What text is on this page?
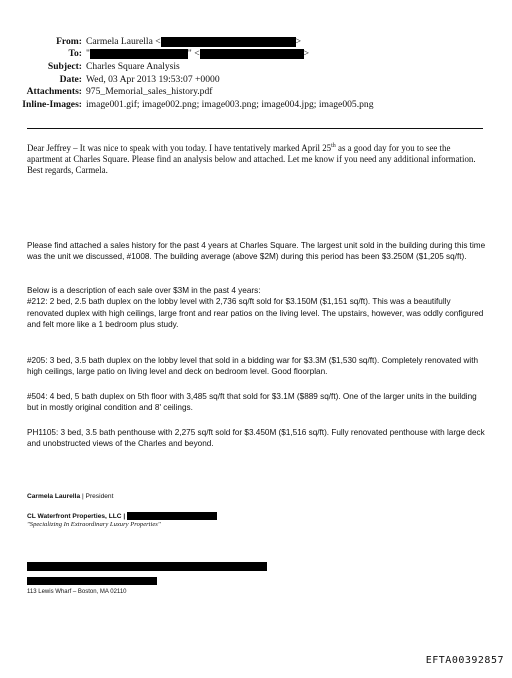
From: Carmela Laurella <	>
To: "	" <	>
Subject: Charles Square Analysis
Date: Wed, 03 Apr 2013 19:53:07 +0000
Attachments: 975_Memorial_sales_history.pdf
Inline-Images: image001.gif; image002.png; image003.png; image004.jpg; image005.png
Dear Jeffrey – It was nice to speak with you today. I have tentatively marked April 25th as a good day for you to see the apartment at Charles Square. Please find an analysis below and attached. Let me know if you need any additional information. Best regards, Carmela.

Please find attached a sales history for the past 4 years at Charles Square. The largest unit sold in the building during this time was the unit we discussed, #1008. The building average (above $2M) during this period has been $3.250M ($1,205 sq/ft).

Below is a description of each sale over $3M in the past 4 years:

#212: 2 bed, 2.5 bath duplex on the lobby level with 2,736 sq/ft sold for $3.150M ($1,151 sq/ft). This was a beautifully renovated duplex with high ceilings, large front and rear patios on the living level. The upstairs, however, was oddly configured and felt more like a 1 bedroom plus study.

#205: 3 bed, 3.5 bath duplex on the lobby level that sold in a bidding war for $3.3M ($1,530 sq/ft). Completely renovated with high ceilings, large patio on living level and deck on bedroom level. Good floorplan.

#504: 4 bed, 5 bath duplex on 5th floor with 3,485 sq/ft that sold for $3.1M ($889 sq/ft). One of the larger units in the building but in mostly original condition and 8' ceilings.

PH1105: 3 bed, 3.5 bath penthouse with 2,275 sq/ft sold for $3.450M ($1,516 sq/ft). Fully renovated penthouse with large deck and unobstructed views of the Charles and beyond.

Carmela Laurella | President
CL Waterfront Properties, LLC |
"Specializing In Extraordinary Luxury Properties"
113 Lewis Wharf – Boston, MA 02110
EFTA00392857
